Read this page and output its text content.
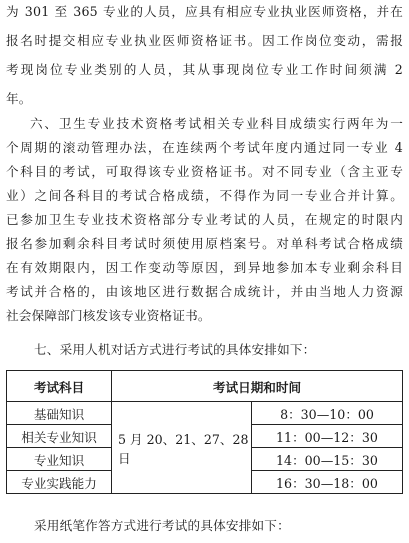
为 301 至 365 专业的人员，应具有相应专业执业医师资格，并在
报名时提交相应专业执业医师资格证书。因工作岗位变动，需报
考现岗位专业类别的人员，其从事现岗位专业工作时间须满 2
年。
六、卫生专业技术资格考试相关专业科目成绩实行两年为一
个周期的滚动管理办法，在连续两个考试年度内通过同一专业 4
个科目的考试，可取得该专业资格证书。对不同专业（含主亚专
业）之间各科目的考试合格成绩，不得作为同一专业合并计算。
已参加卫生专业技术资格部分专业考试的人员，在规定的时限内
报名参加剩余科目考试时须使用原档案号。对单科考试合格成绩
在有效期限内，因工作变动等原因，到异地参加本专业剩余科目
考试并合格的，由该地区进行数据合成统计，并由当地人力资源
社会保障部门核发该专业资格证书。
七、采用人机对话方式进行考试的具体安排如下：
考试科目	考试日期和时间	
基础知识	5 月 20、21、27、28 日	8：30—10：00
相关专业知识		11：00—12：30
专业知识		14：00—15：30
专业实践能力		16：30—18：00
采用纸笔作答方式进行考试的具体安排如下：
